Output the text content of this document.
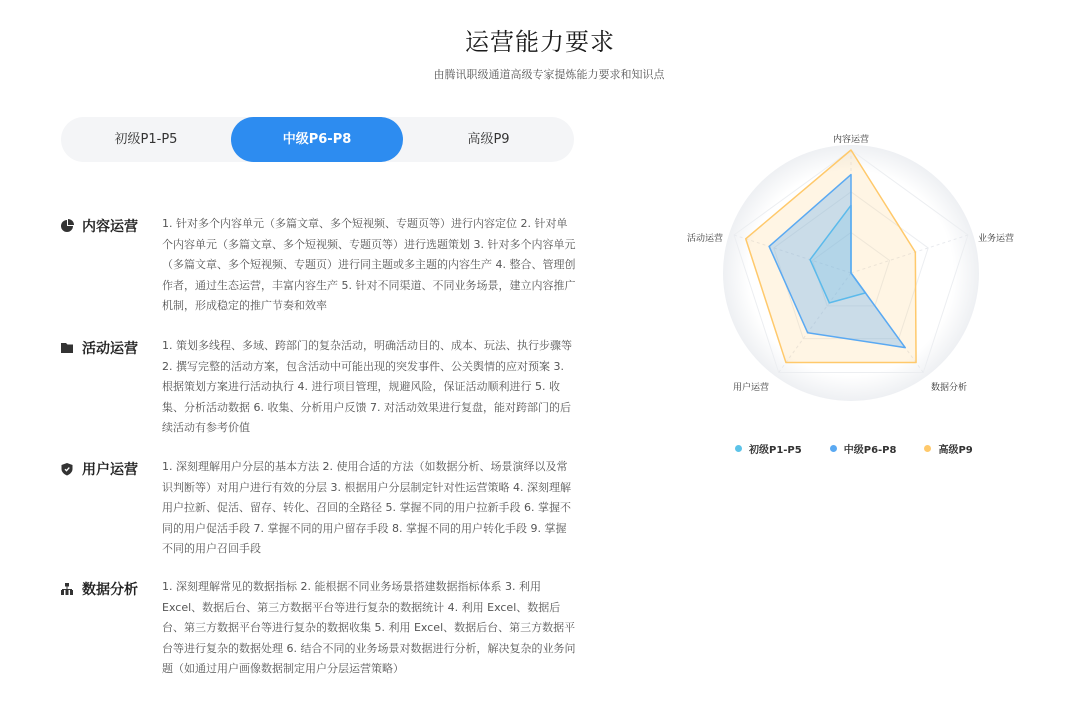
运营能力要求
由腾讯职级通道高级专家提炼能力要求和知识点
初级P1-P5	中级P6-P8	高级P9
内容运营 1. 针对多个内容单元（多篇文章、多个短视频、专题页等）进行内容定位 2. 针对单个内容单元（多篇文章、多个短视频、专题页等）进行选题策划 3. 针对多个内容单元（多篇文章、多个短视频、专题页）进行同主题或多主题的内容生产 4. 整合、管理创作者，通过生态运营，丰富内容生产 5. 针对不同渠道、不同业务场景，建立内容推广机制，形成稳定的推广节奏和效率
活动运营 1. 策划多线程、多域、跨部门的复杂活动，明确活动目的、成本、玩法、执行步骤等 2. 撰写完整的活动方案，包含活动中可能出现的突发事件、公关舆情的应对预案 3. 根据策划方案进行活动执行 4. 进行项目管理，规避风险，保证活动顺利进行 5. 收集、分析活动数据 6. 收集、分析用户反馈 7. 对活动效果进行复盘，能对跨部门的后续活动有参考价值
用户运营 1. 深刻理解用户分层的基本方法 2. 使用合适的方法（如数据分析、场景演绎以及常识判断等）对用户进行有效的分层 3. 根据用户分层制定针对性运营策略 4. 深刻理解用户拉新、促活、留存、转化、召回的全路径 5. 掌握不同的用户拉新手段 6. 掌握不同的用户促活手段 7. 掌握不同的用户留存手段 8. 掌握不同的用户转化手段 9. 掌握不同的用户召回手段
数据分析 1. 深刻理解常见的数据指标 2. 能根据不同业务场景搭建数据指标体系 3. 利用 Excel、数据后台、第三方数据平台等进行复杂的数据统计 4. 利用 Excel、数据后台、第三方数据平台等进行复杂的数据收集 5. 利用 Excel、数据后台、第三方数据平台等进行复杂的数据处理 6. 结合不同的业务场景对数据进行分析，解决复杂的业务问题（如通过用户画像数据制定用户分层运营策略）
内容运营
业务运营
数据分析
用户运营
活动运营
初级P1-P5	中级P6-P8	高级P9
